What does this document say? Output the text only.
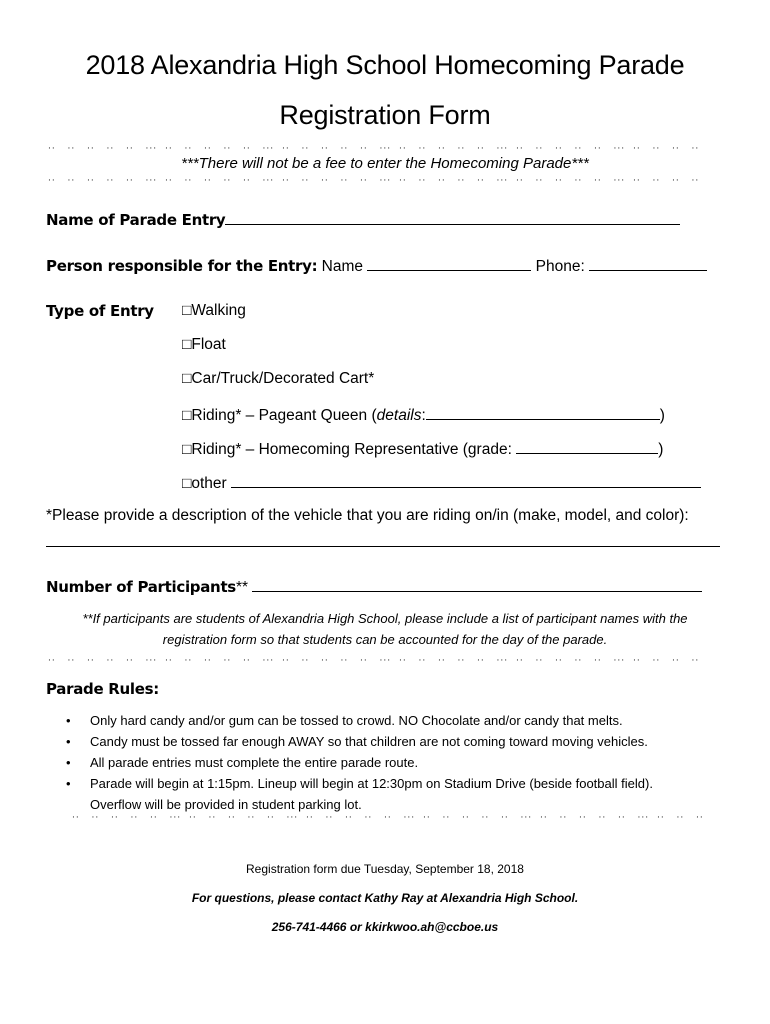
2018 Alexandria High School Homecoming Parade
Registration Form
·· ·· ·· ·· ·· ··· ·· ·· ·· ·· ·· ··· ·· ·· ·· ·· ·· ··· ·· ·· ·· ·· ·· ··· ·· ·· ·· ·· ·· ··· ·· ·· ·· ··
***There will not be a fee to enter the Homecoming Parade***
·· ·· ·· ·· ·· ··· ·· ·· ·· ·· ·· ··· ·· ·· ·· ·· ·· ··· ·· ·· ·· ·· ·· ··· ·· ·· ·· ·· ·· ··· ·· ·· ·· ··
Name of Parade Entry
Person responsible for the Entry: Name	Phone:
Type of Entry □Walking
□Float
□Car/Truck/Decorated Cart*
□Riding* – Pageant Queen (details:	)
□Riding* – Homecoming Representative (grade:	)
□other
*Please provide a description of the vehicle that you are riding on/in (make, model, and color):
Number of Participants**
**If participants are students of Alexandria High School, please include a list of participant names with the
registration form so that students can be accounted for the day of the parade.
·· ·· ·· ·· ·· ··· ·· ·· ·· ·· ·· ··· ·· ·· ·· ·· ·· ··· ·· ·· ·· ·· ·· ··· ·· ·· ·· ·· ·· ··· ·· ·· ·· ··
Parade Rules:
• Only hard candy and/or gum can be tossed to crowd. NO Chocolate and/or candy that melts.
• Candy must be tossed far enough AWAY so that children are not coming toward moving vehicles.
• All parade entries must complete the entire parade route.
• Parade will begin at 1:15pm. Lineup will begin at 12:30pm on Stadium Drive (beside football field). Overflow will be provided in student parking lot.
·· ·· ·· ·· ·· ··· ·· ·· ·· ·· ·· ··· ·· ·· ·· ·· ·· ··· ·· ·· ·· ·· ·· ··· ·· ·· ·· ·· ·· ··· ·· ·· ··
Registration form due Tuesday, September 18, 2018
For questions, please contact Kathy Ray at Alexandria High School.
256-741-4466 or kkirkwoo.ah@ccboe.us
